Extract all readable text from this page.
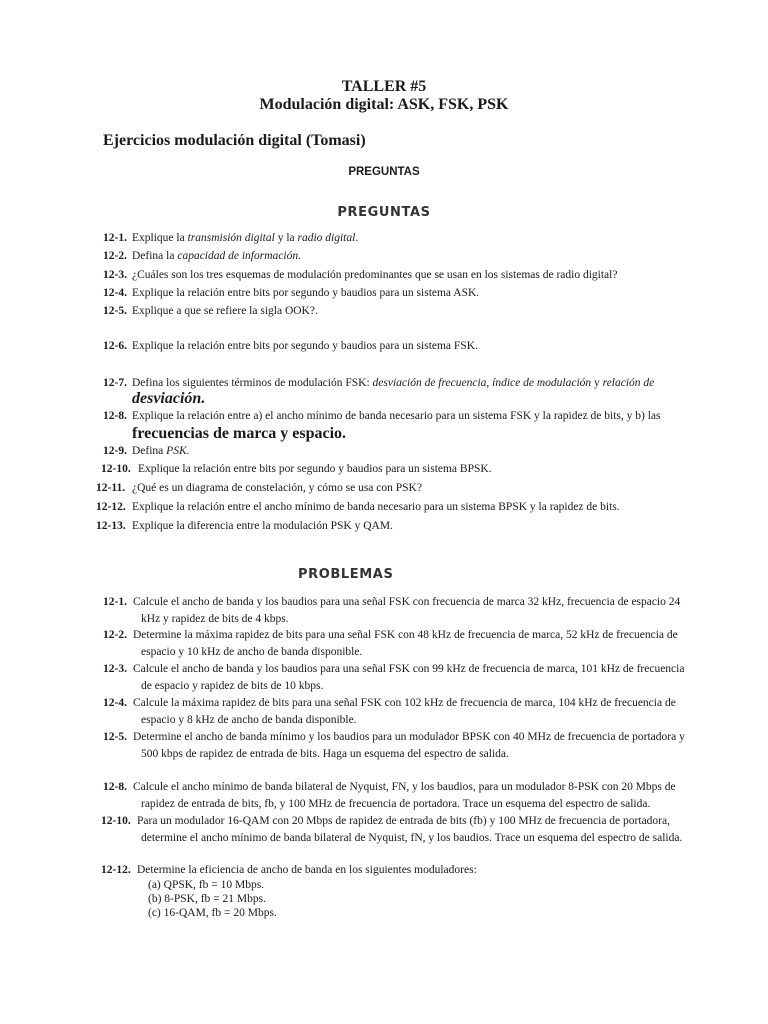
TALLER #5
Modulación digital: ASK, FSK, PSK
Ejercicios modulación digital (Tomasi)
PREGUNTAS
PREGUNTAS
12-1. Explique la transmisión digital y la radio digital.
12-2. Defina la capacidad de información.
12-3. ¿Cuáles son los tres esquemas de modulación predominantes que se usan en los sistemas de radio digital?
12-4. Explique la relación entre bits por segundo y baudios para un sistema ASK.
12-5. Explique a que se refiere la sigla OOK?.
12-6. Explique la relación entre bits por segundo y baudios para un sistema FSK.
12-7. Defina los siguientes términos de modulación FSK: desviación de frecuencia, índice de modulación y relación de
desviación.
12-8. Explique la relación entre a) el ancho mínimo de banda necesario para un sistema FSK y la rapidez de bits, y b) las
frecuencias de marca y espacio.
12-9. Defina PSK.
12-10. Explique la relación entre bits por segundo y baudios para un sistema BPSK.
12-11. ¿Qué es un diagrama de constelación, y cómo se usa con PSK?
12-12. Explique la relación entre el ancho mínimo de banda necesario para un sistema BPSK y la rapidez de bits.
12-13. Explique la diferencia entre la modulación PSK y QAM.
PROBLEMAS
12-1. Calcule el ancho de banda y los baudios para una señal FSK con frecuencia de marca 32 kHz, frecuencia de espacio 24
kHz y rapidez de bits de 4 kbps.
12-2. Determine la máxima rapidez de bits para una señal FSK con 48 kHz de frecuencia de marca, 52 kHz de frecuencia de
espacio y 10 kHz de ancho de banda disponible.
12-3. Calcule el ancho de banda y los baudios para una señal FSK con 99 kHz de frecuencia de marca, 101 kHz de frecuencia
de espacio y rapidez de bits de 10 kbps.
12-4. Calcule la máxima rapidez de bits para una señal FSK con 102 kHz de frecuencia de marca, 104 kHz de frecuencia de
espacio y 8 kHz de ancho de banda disponible.
12-5. Determine el ancho de banda mínimo y los baudios para un modulador BPSK con 40 MHz de frecuencia de portadora y
500 kbps de rapidez de entrada de bits. Haga un esquema del espectro de salida.
12-8. Calcule el ancho mínimo de banda bilateral de Nyquist, FN, y los baudios, para un modulador 8-PSK con 20 Mbps de
rapidez de entrada de bits, fb, y 100 MHz de frecuencia de portadora. Trace un esquema del espectro de salida.
12-10. Para un modulador 16-QAM con 20 Mbps de rapidez de entrada de bits (fb) y 100 MHz de frecuencia de portadora,
determine el ancho mínimo de banda bilateral de Nyquist, fN, y los baudios. Trace un esquema del espectro de salida.
12-12. Determine la eficiencia de ancho de banda en los siguientes moduladores:
(a) QPSK, fb = 10 Mbps.
(b) 8-PSK, fb = 21 Mbps.
(c) 16-QAM, fb = 20 Mbps.
